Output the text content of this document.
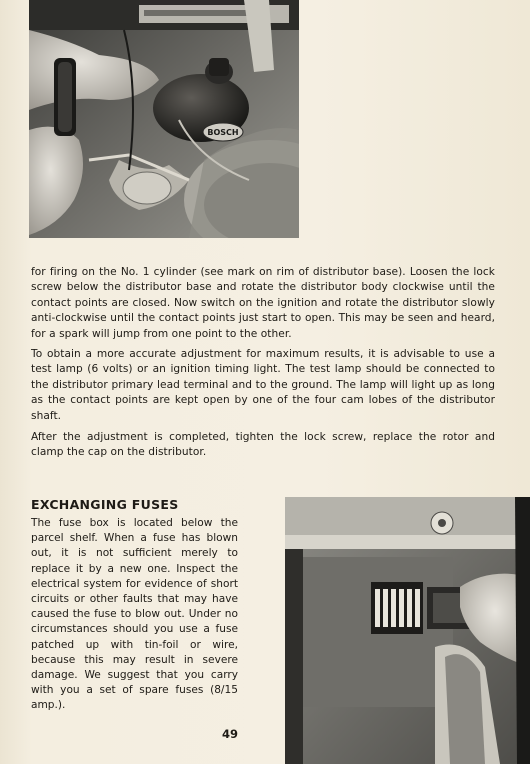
BOSCH

for firing on the No. 1 cylinder (see mark on rim of distributor base). Loosen the lock screw below the distributor base and rotate the distributor body clockwise until the contact points are closed. Now switch on the ignition and rotate the distributor slowly anti-clockwise until the contact points just start to open. This may be seen and heard, for a spark will jump from one point to the other.

To obtain a more accurate adjustment for maximum results, it is advisable to use a test lamp (6 volts) or an ignition timing light. The test lamp should be connected to the distributor primary lead terminal and to the ground. The lamp will light up as long as the contact points are kept open by one of the four cam lobes of the distributor shaft.

After the adjustment is completed, tighten the lock screw, replace the rotor and clamp the cap on the distributor.

EXCHANGING FUSES

The fuse box is located below the parcel shelf. When a fuse has blown out, it is not sufficient merely to replace it by a new one. Inspect the electrical system for evidence of short circuits or other faults that may have caused the fuse to blow out. Under no circumstances should you use a fuse patched up with tin-foil or wire, because this may result in severe damage. We suggest that you carry with you a set of spare fuses (8/15 amp.).

49
